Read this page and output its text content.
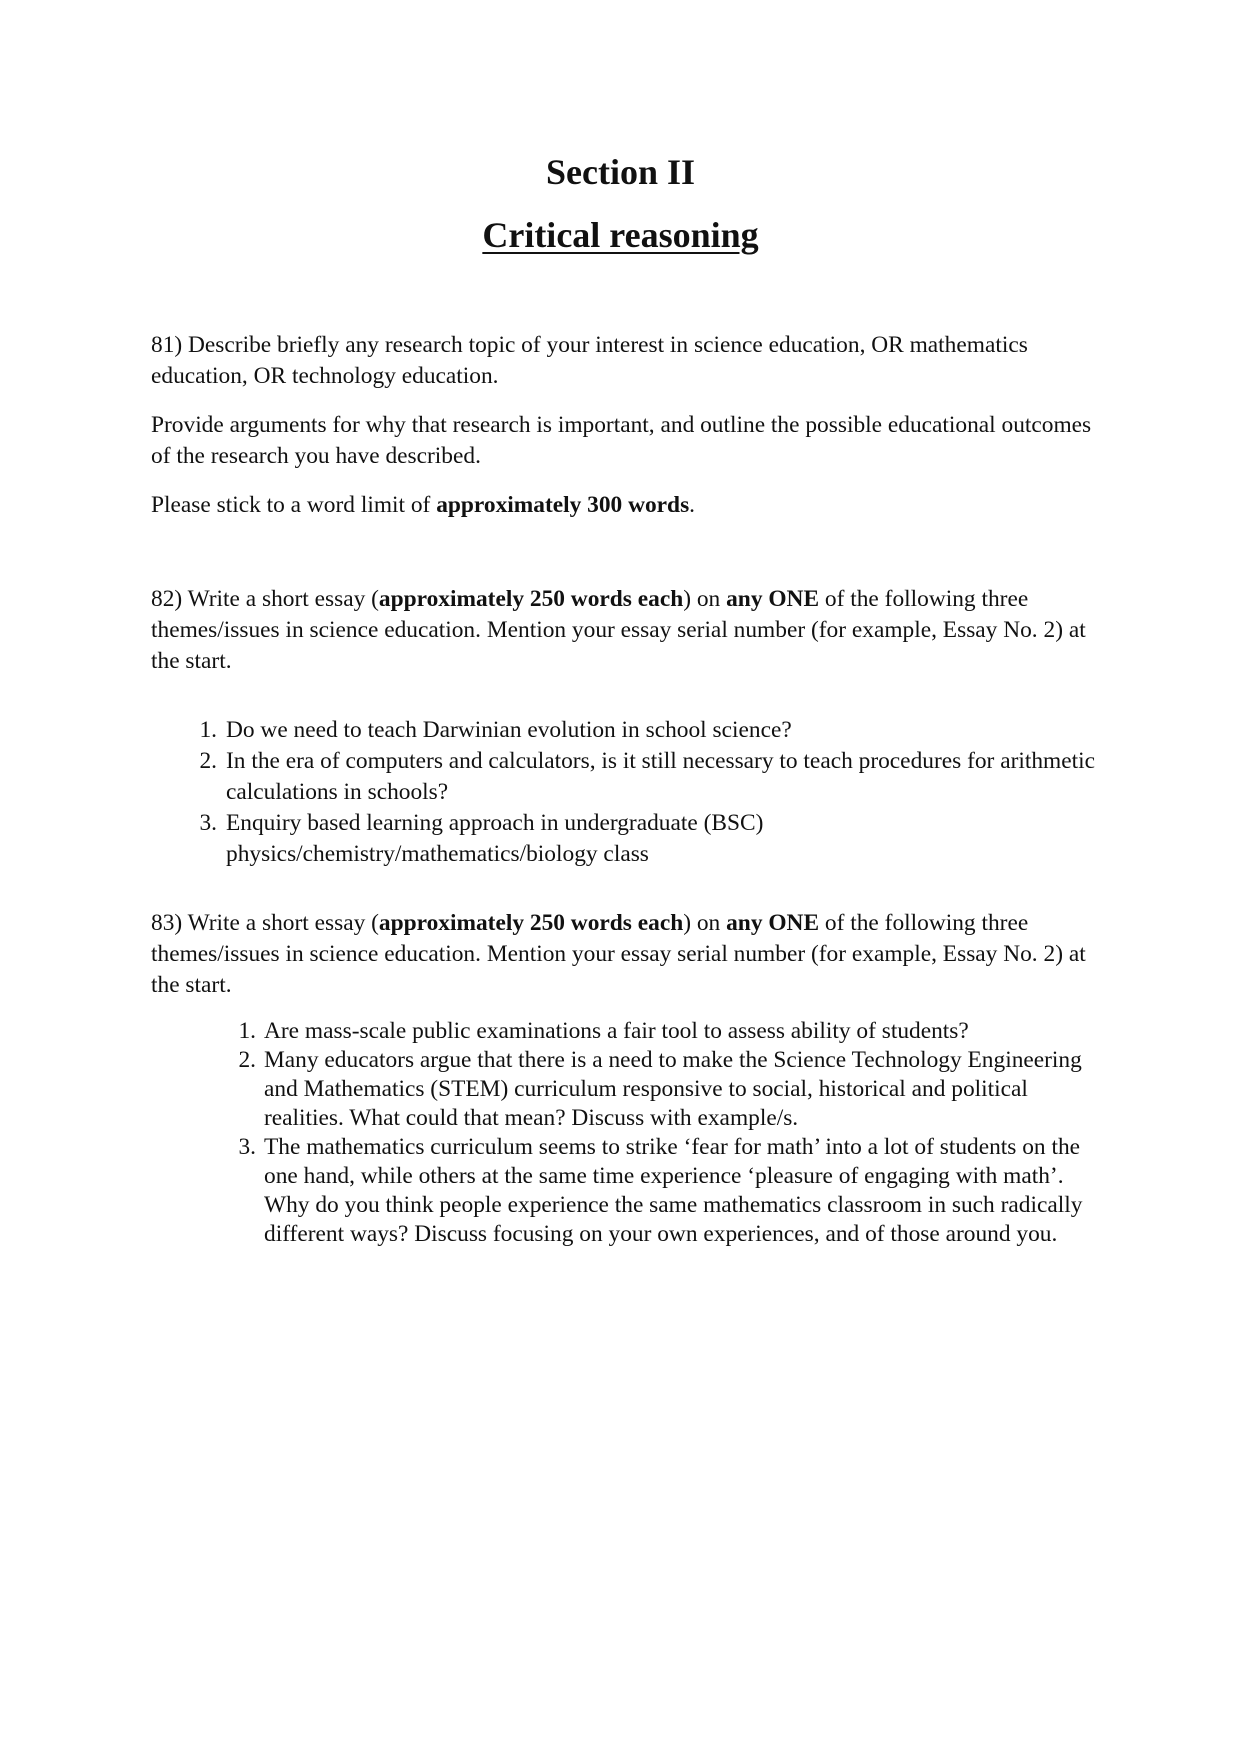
Section II
Critical reasoning

81) Describe briefly any research topic of your interest in science education, OR mathematics education, OR technology education.

Provide arguments for why that research is important, and outline the possible educational outcomes of the research you have described.

Please stick to a word limit of approximately 300 words.

82) Write a short essay (approximately 250 words each) on any ONE of the following three themes/issues in science education. Mention your essay serial number (for example, Essay No. 2) at the start.

1. Do we need to teach Darwinian evolution in school science?
2. In the era of computers and calculators, is it still necessary to teach procedures for arithmetic calculations in schools?
3. Enquiry based learning approach in undergraduate (BSC) physics/chemistry/mathematics/biology class

83) Write a short essay (approximately 250 words each) on any ONE of the following three themes/issues in science education. Mention your essay serial number (for example, Essay No. 2) at the start.

1. Are mass-scale public examinations a fair tool to assess ability of students?
2. Many educators argue that there is a need to make the Science Technology Engineering and Mathematics (STEM) curriculum responsive to social, historical and political realities. What could that mean? Discuss with example/s.
3. The mathematics curriculum seems to strike ‘fear for math’ into a lot of students on the one hand, while others at the same time experience ‘pleasure of engaging with math’. Why do you think people experience the same mathematics classroom in such radically different ways? Discuss focusing on your own experiences, and of those around you.
